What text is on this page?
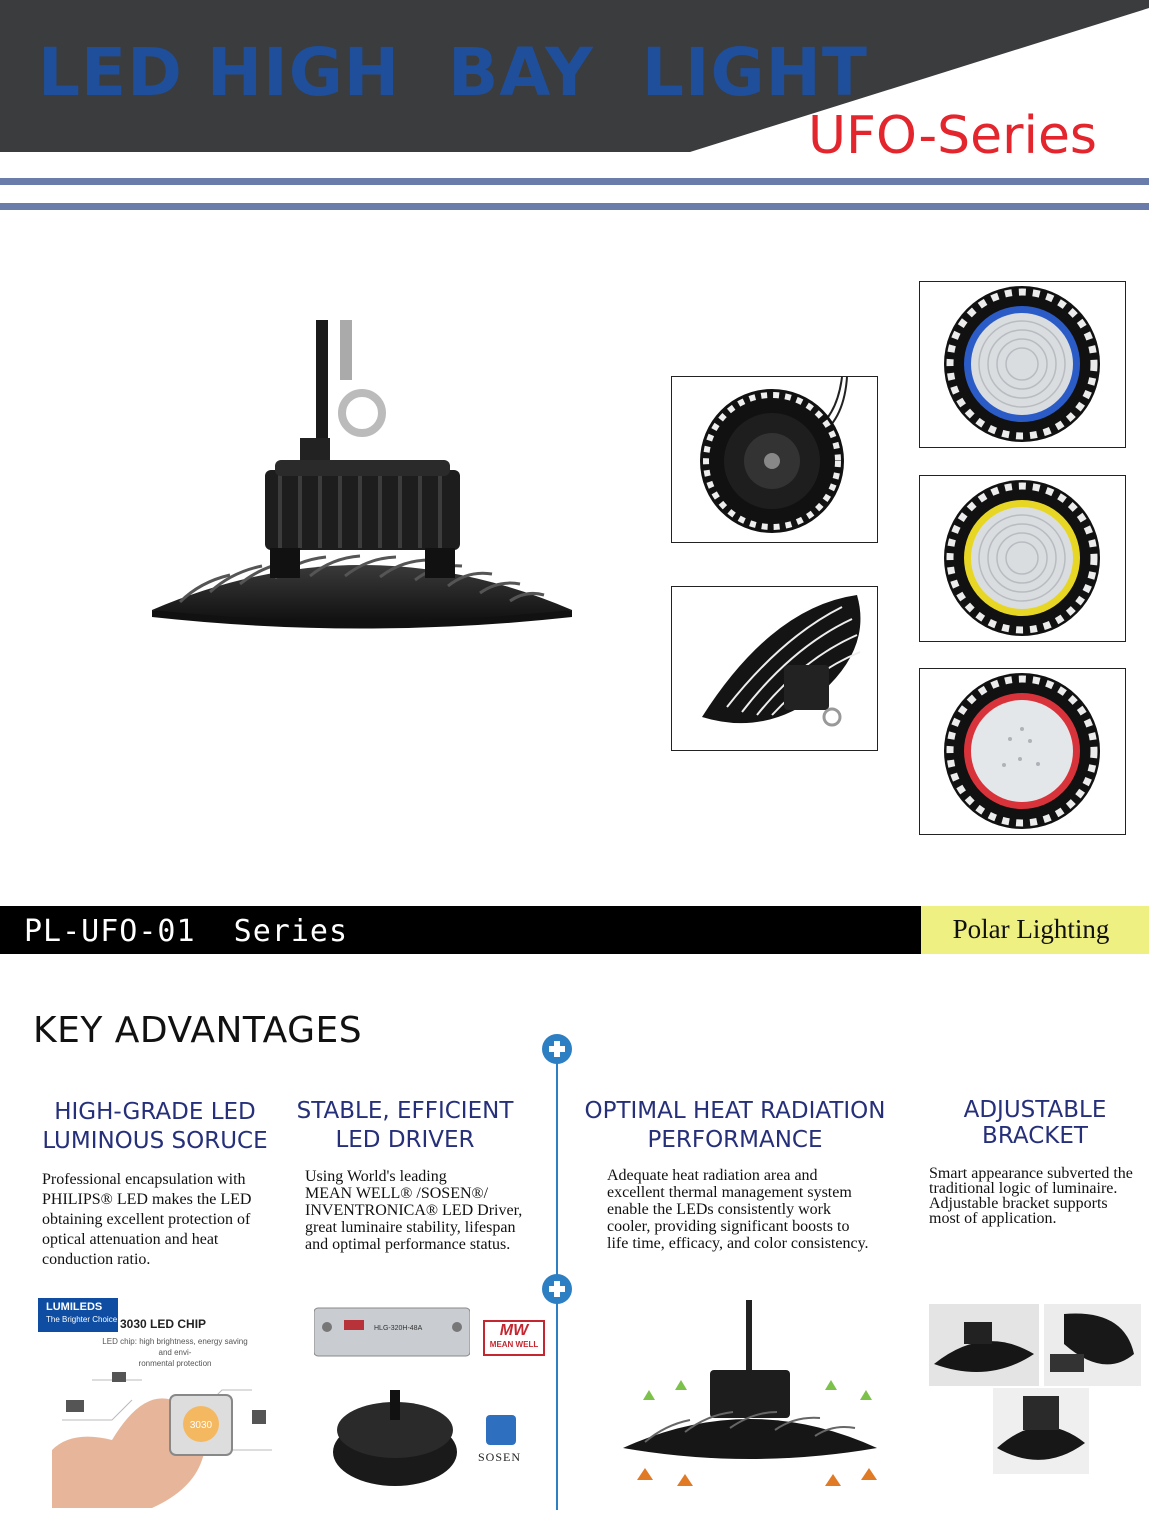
LED HIGH  BAY  LIGHT
UFO-Series
PL-UFO-01  Series	Polar Lighting
KEY ADVANTAGES
HIGH-GRADE LED
LUMINOUS SORUCE
Professional encapsulation with
PHILIPS® LED makes the LED
obtaining excellent protection of
optical attenuation and heat
conduction ratio.
STABLE, EFFICIENT
LED DRIVER
Using World's leading
MEAN WELL® /SOSEN®/
INVENTRONICA® LED Driver,
great luminaire stability, lifespan
and optimal performance status.
OPTIMAL HEAT RADIATION
PERFORMANCE
Adequate heat radiation area and
excellent thermal management system
enable the LEDs consistently work
cooler, providing significant boosts to
life time, efficacy, and color consistency.
ADJUSTABLE
BRACKET
Smart appearance subverted the
traditional logic of luminaire.
Adjustable bracket supports
most of application.
LUMILEDS
The Brighter Choice 3030 LED CHIP
LED chip: high brightness, energy saving and envi-
ronmental protection
3030
HLG-320H-48A	MW
MEAN WELL
SOSEN
